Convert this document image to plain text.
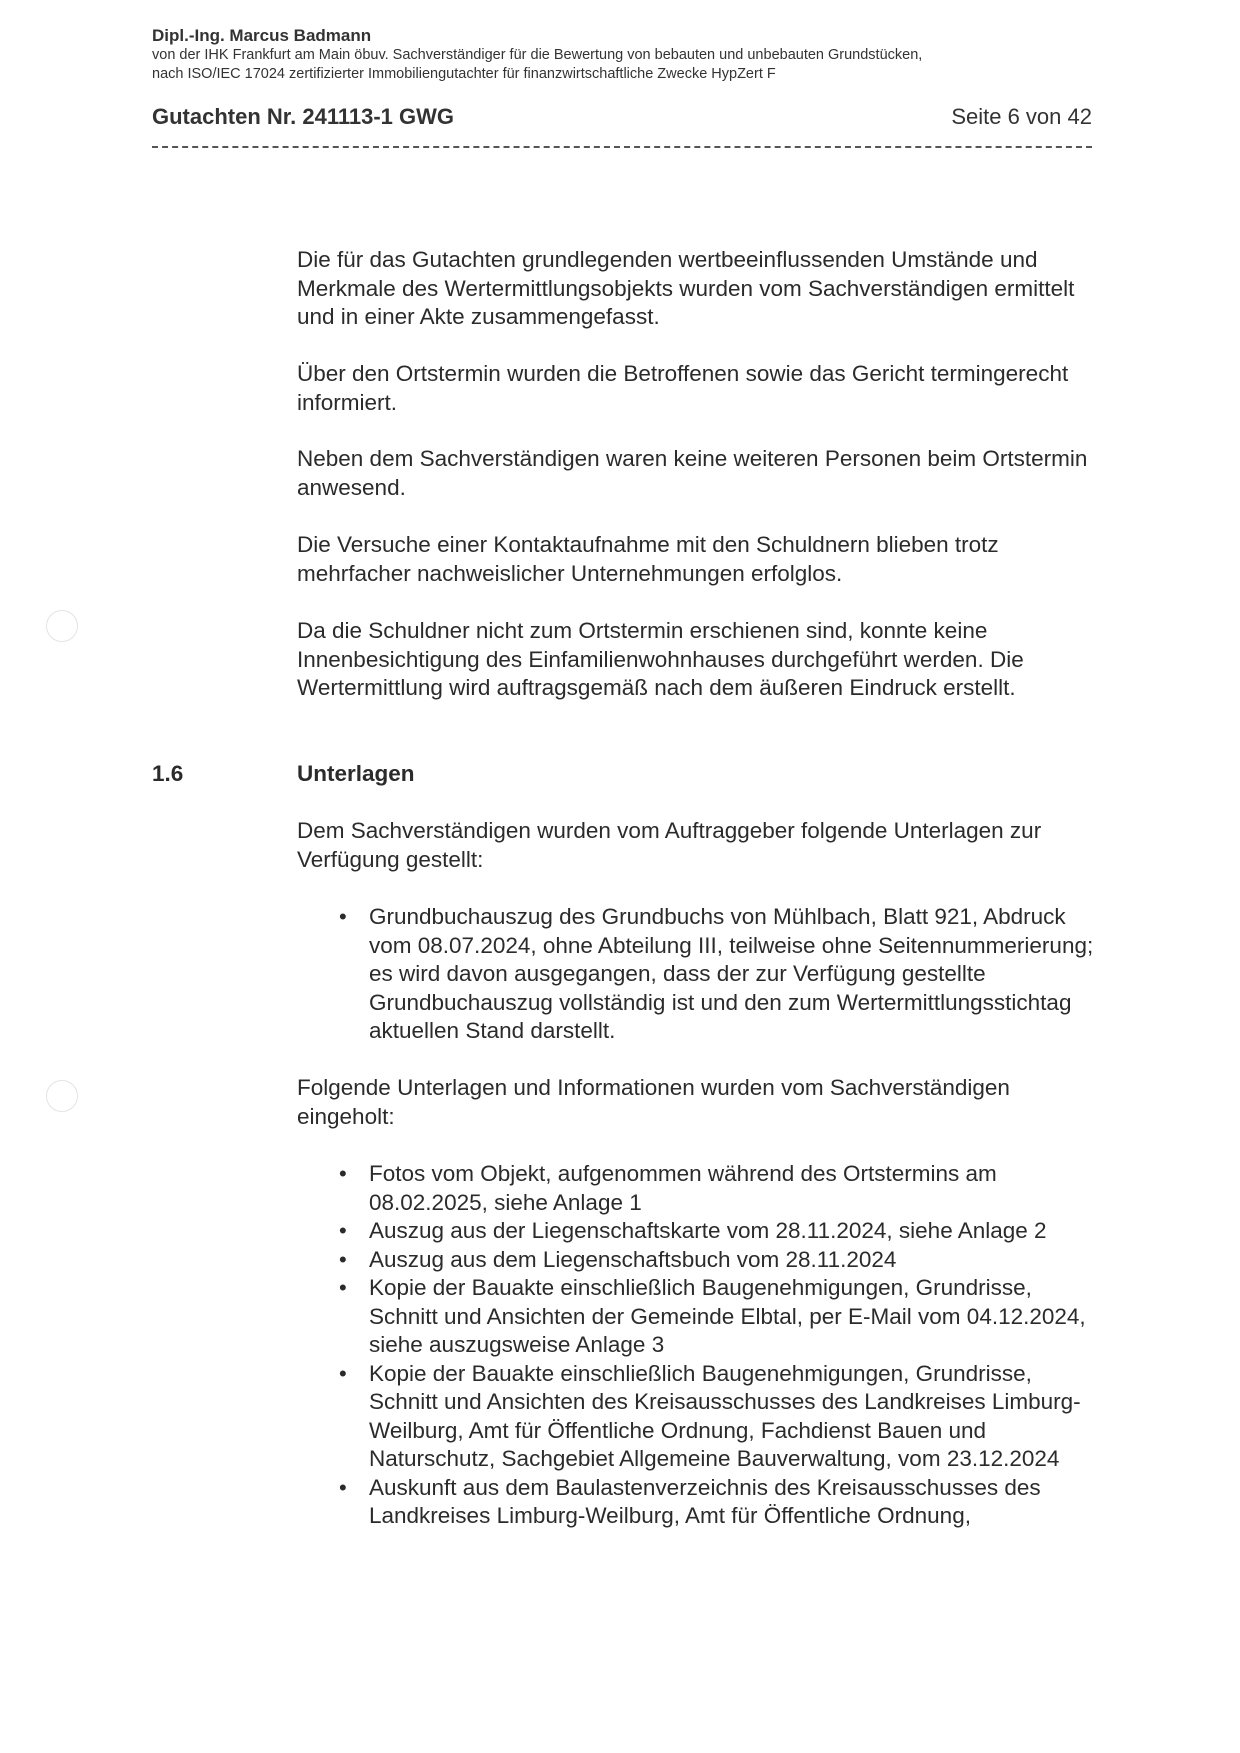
Dipl.-Ing. Marcus Badmann
von der IHK Frankfurt am Main öbuv. Sachverständiger für die Bewertung von bebauten und unbebauten Grundstücken,
nach ISO/IEC 17024 zertifizierter Immobiliengutachter für finanzwirtschaftliche Zwecke HypZert F
Gutachten Nr. 241113-1 GWG	Seite 6 von 42
Die für das Gutachten grundlegenden wertbeeinflussenden Umstände und Merkmale des Wertermittlungsobjekts wurden vom Sachverständigen ermittelt und in einer Akte zusammengefasst.
Über den Ortstermin wurden die Betroffenen sowie das Gericht termingerecht informiert.
Neben dem Sachverständigen waren keine weiteren Personen beim Ortstermin anwesend.
Die Versuche einer Kontaktaufnahme mit den Schuldnern blieben trotz mehrfacher nachweislicher Unternehmungen erfolglos.
Da die Schuldner nicht zum Ortstermin erschienen sind, konnte keine Innenbesichtigung des Einfamilienwohnhauses durchgeführt werden. Die Wertermittlung wird auftragsgemäß nach dem äußeren Eindruck erstellt.
1.6	Unterlagen
Dem Sachverständigen wurden vom Auftraggeber folgende Unterlagen zur Verfügung gestellt:
• Grundbuchauszug des Grundbuchs von Mühlbach, Blatt 921, Abdruck vom 08.07.2024, ohne Abteilung III, teilweise ohne Seitennummerierung; es wird davon ausgegangen, dass der zur Verfügung gestellte Grundbuchauszug vollständig ist und den zum Wertermittlungsstichtag aktuellen Stand darstellt.
Folgende Unterlagen und Informationen wurden vom Sachverständigen eingeholt:
• Fotos vom Objekt, aufgenommen während des Ortstermins am 08.02.2025, siehe Anlage 1
• Auszug aus der Liegenschaftskarte vom 28.11.2024, siehe Anlage 2
• Auszug aus dem Liegenschaftsbuch vom 28.11.2024
• Kopie der Bauakte einschließlich Baugenehmigungen, Grundrisse, Schnitt und Ansichten der Gemeinde Elbtal, per E-Mail vom 04.12.2024, siehe auszugsweise Anlage 3
• Kopie der Bauakte einschließlich Baugenehmigungen, Grundrisse, Schnitt und Ansichten des Kreisausschusses des Landkreises Limburg-Weilburg, Amt für Öffentliche Ordnung, Fachdienst Bauen und Naturschutz, Sachgebiet Allgemeine Bauverwaltung, vom 23.12.2024
• Auskunft aus dem Baulastenverzeichnis des Kreisausschusses des Landkreises Limburg-Weilburg, Amt für Öffentliche Ordnung,
